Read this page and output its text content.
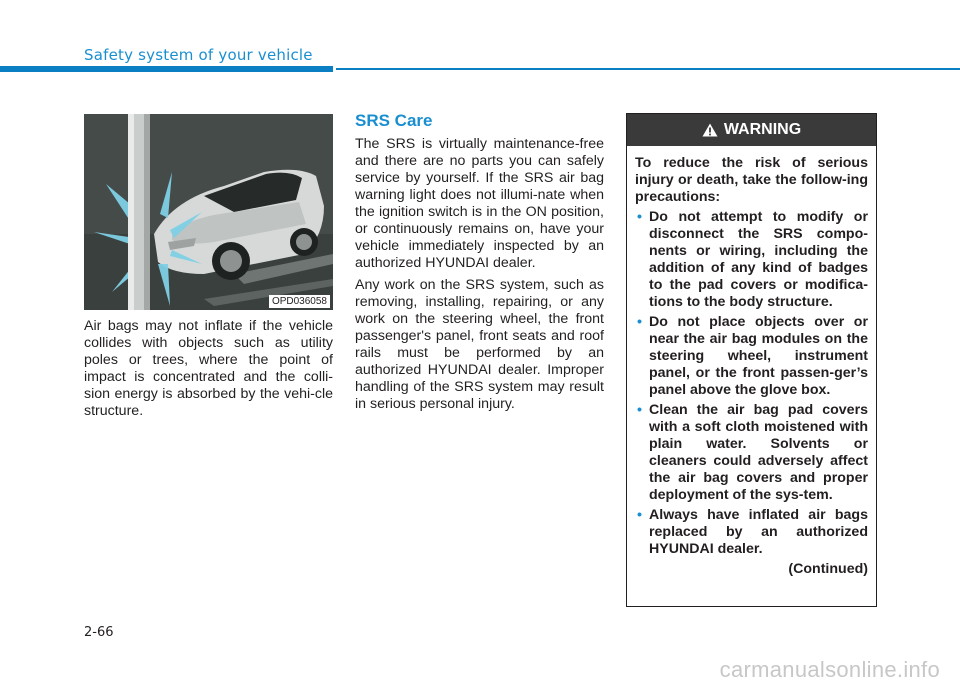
Safety system of your vehicle
OPD036058
Air bags may not inflate if the vehicle collides with objects such as utility poles or trees, where the point of impact is concentrated and the colli-sion energy is absorbed by the vehi-cle structure.
SRS Care

The SRS is virtually maintenance-free and there are no parts you can safely service by yourself. If the SRS air bag warning light does not illumi-nate when the ignition switch is in the ON position, or continuously remains on, have your vehicle immediately inspected by an authorized HYUNDAI dealer.

Any work on the SRS system, such as removing, installing, repairing, or any work on the steering wheel, the front passenger's panel, front seats and roof rails must be performed by an authorized HYUNDAI dealer. Improper handling of the SRS system may result in serious personal injury.

WARNING
To reduce the risk of serious injury or death, take the follow-ing precautions:
• Do not attempt to modify or disconnect the SRS compo-nents or wiring, including the addition of any kind of badges to the pad covers or modifica-tions to the body structure.
• Do not place objects over or near the air bag modules on the steering wheel, instrument panel, or the front passen-ger’s panel above the glove box.
• Clean the air bag pad covers with a soft cloth moistened with plain water. Solvents or cleaners could adversely affect the air bag covers and proper deployment of the sys-tem.
• Always have inflated air bags replaced by an authorized HYUNDAI dealer.
(Continued)
2-66
carmanualsonline.info
